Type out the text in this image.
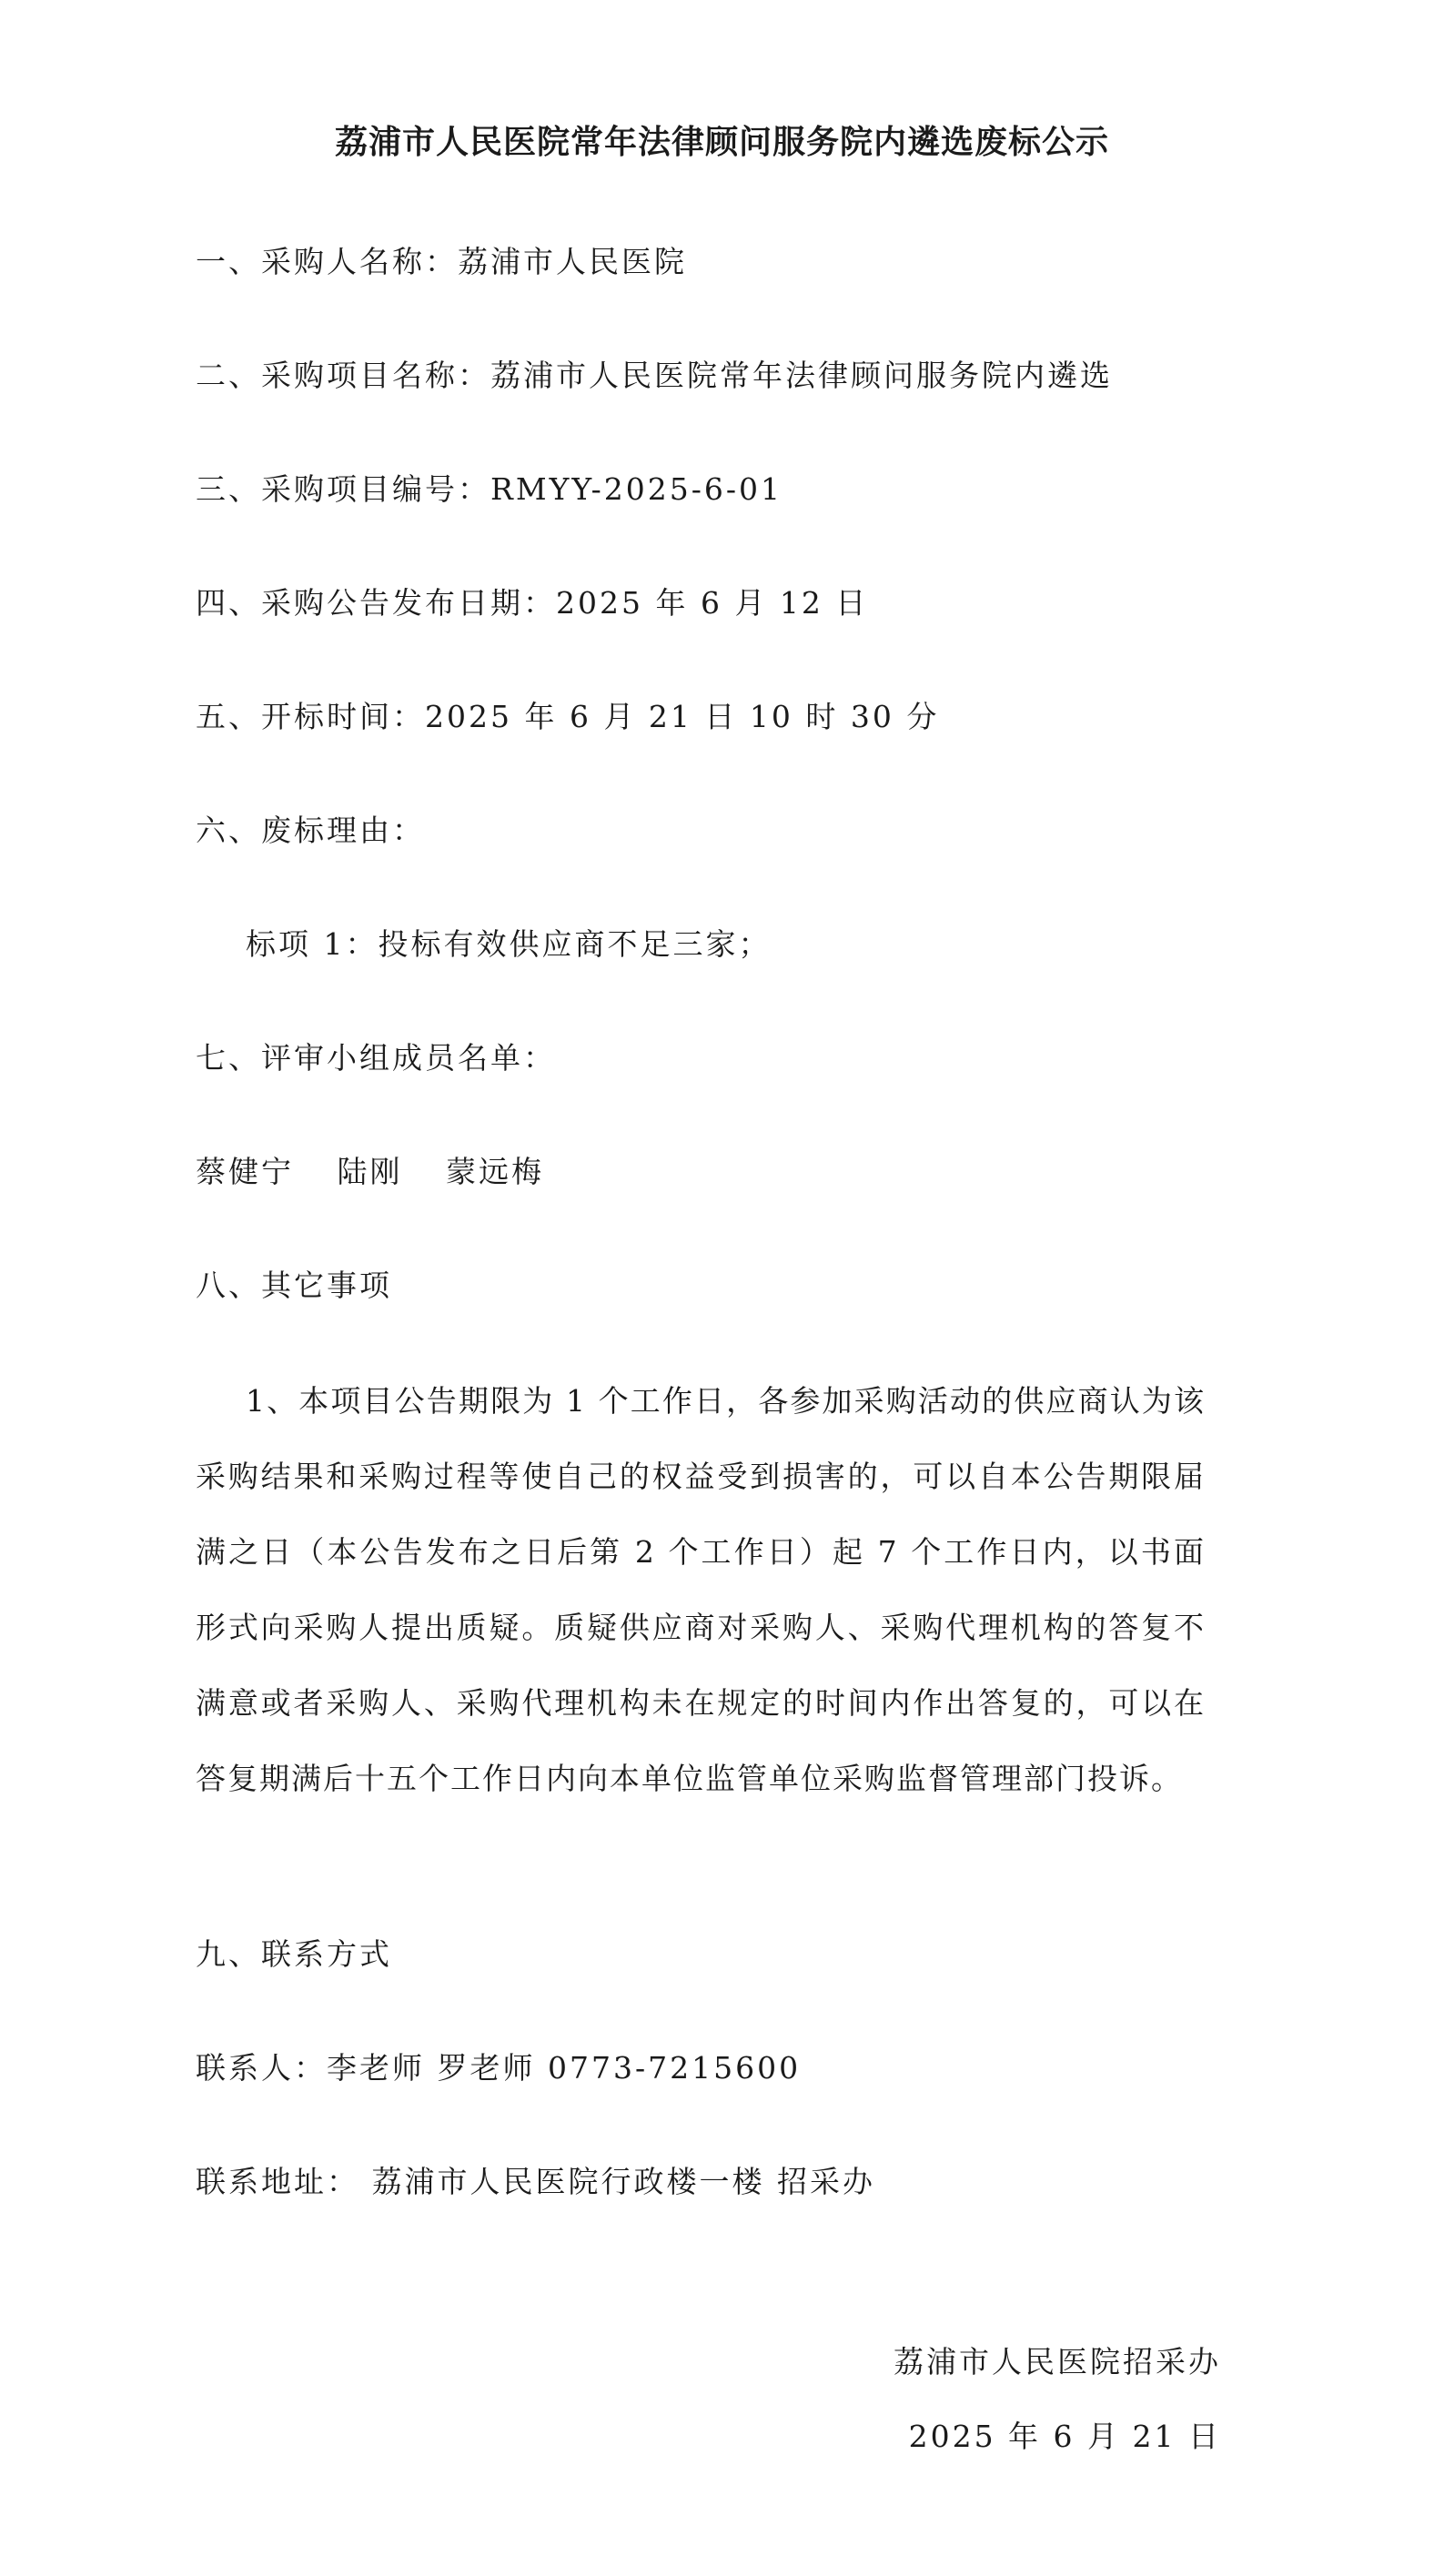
荔浦市人民医院常年法律顾问服务院内遴选废标公示
一、采购人名称：荔浦市人民医院
二、采购项目名称：荔浦市人民医院常年法律顾问服务院内遴选
三、采购项目编号：RMYY-2025-6-01
四、采购公告发布日期：2025 年 6 月 12 日
五、开标时间：2025 年 6 月 21 日 10 时 30 分
六、废标理由：
标项 1：投标有效供应商不足三家；
七、评审小组成员名单：
蔡健宁 陆刚 蒙远梅
八、其它事项

1、本项目公告期限为 1 个工作日，各参加采购活动的供应商认为该采购结果和采购过程等使自己的权益受到损害的，可以自本公告期限届满之日（本公告发布之日后第 2 个工作日）起 7 个工作日内，以书面形式向采购人提出质疑。质疑供应商对采购人、采购代理机构的答复不满意或者采购人、采购代理机构未在规定的时间内作出答复的，可以在答复期满后十五个工作日内向本单位监管单位采购监督管理部门投诉。

九、联系方式
联系人：李老师 罗老师 0773-7215600
联系地址： 荔浦市人民医院行政楼一楼 招采办
荔浦市人民医院招采办
2025 年 6 月 21 日
